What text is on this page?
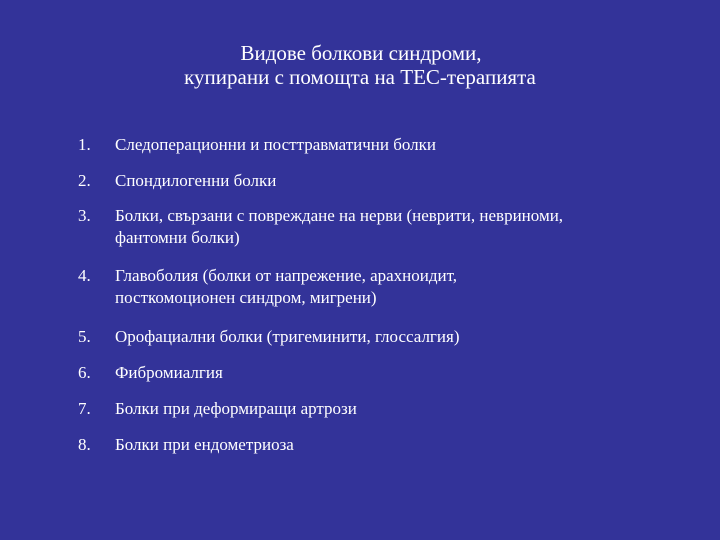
Видове болкови синдроми,
купирани с помощта на ТЕС-терапията
1.	Следоперационни и посттравматични болки
2.	Спондилогенни болки
3.	Болки, свързани с повреждане на нерви (неврити, невриноми,
фантомни болки)
4.	Главоболия (болки от напрежение, арахноидит,
посткомоционен синдром, мигрени)
5.	Орофациални болки (тригеминити, глоссалгия)
6.	Фибромиалгия
7.	Болки при деформиращи артрози
8.	Болки при ендометриоза
